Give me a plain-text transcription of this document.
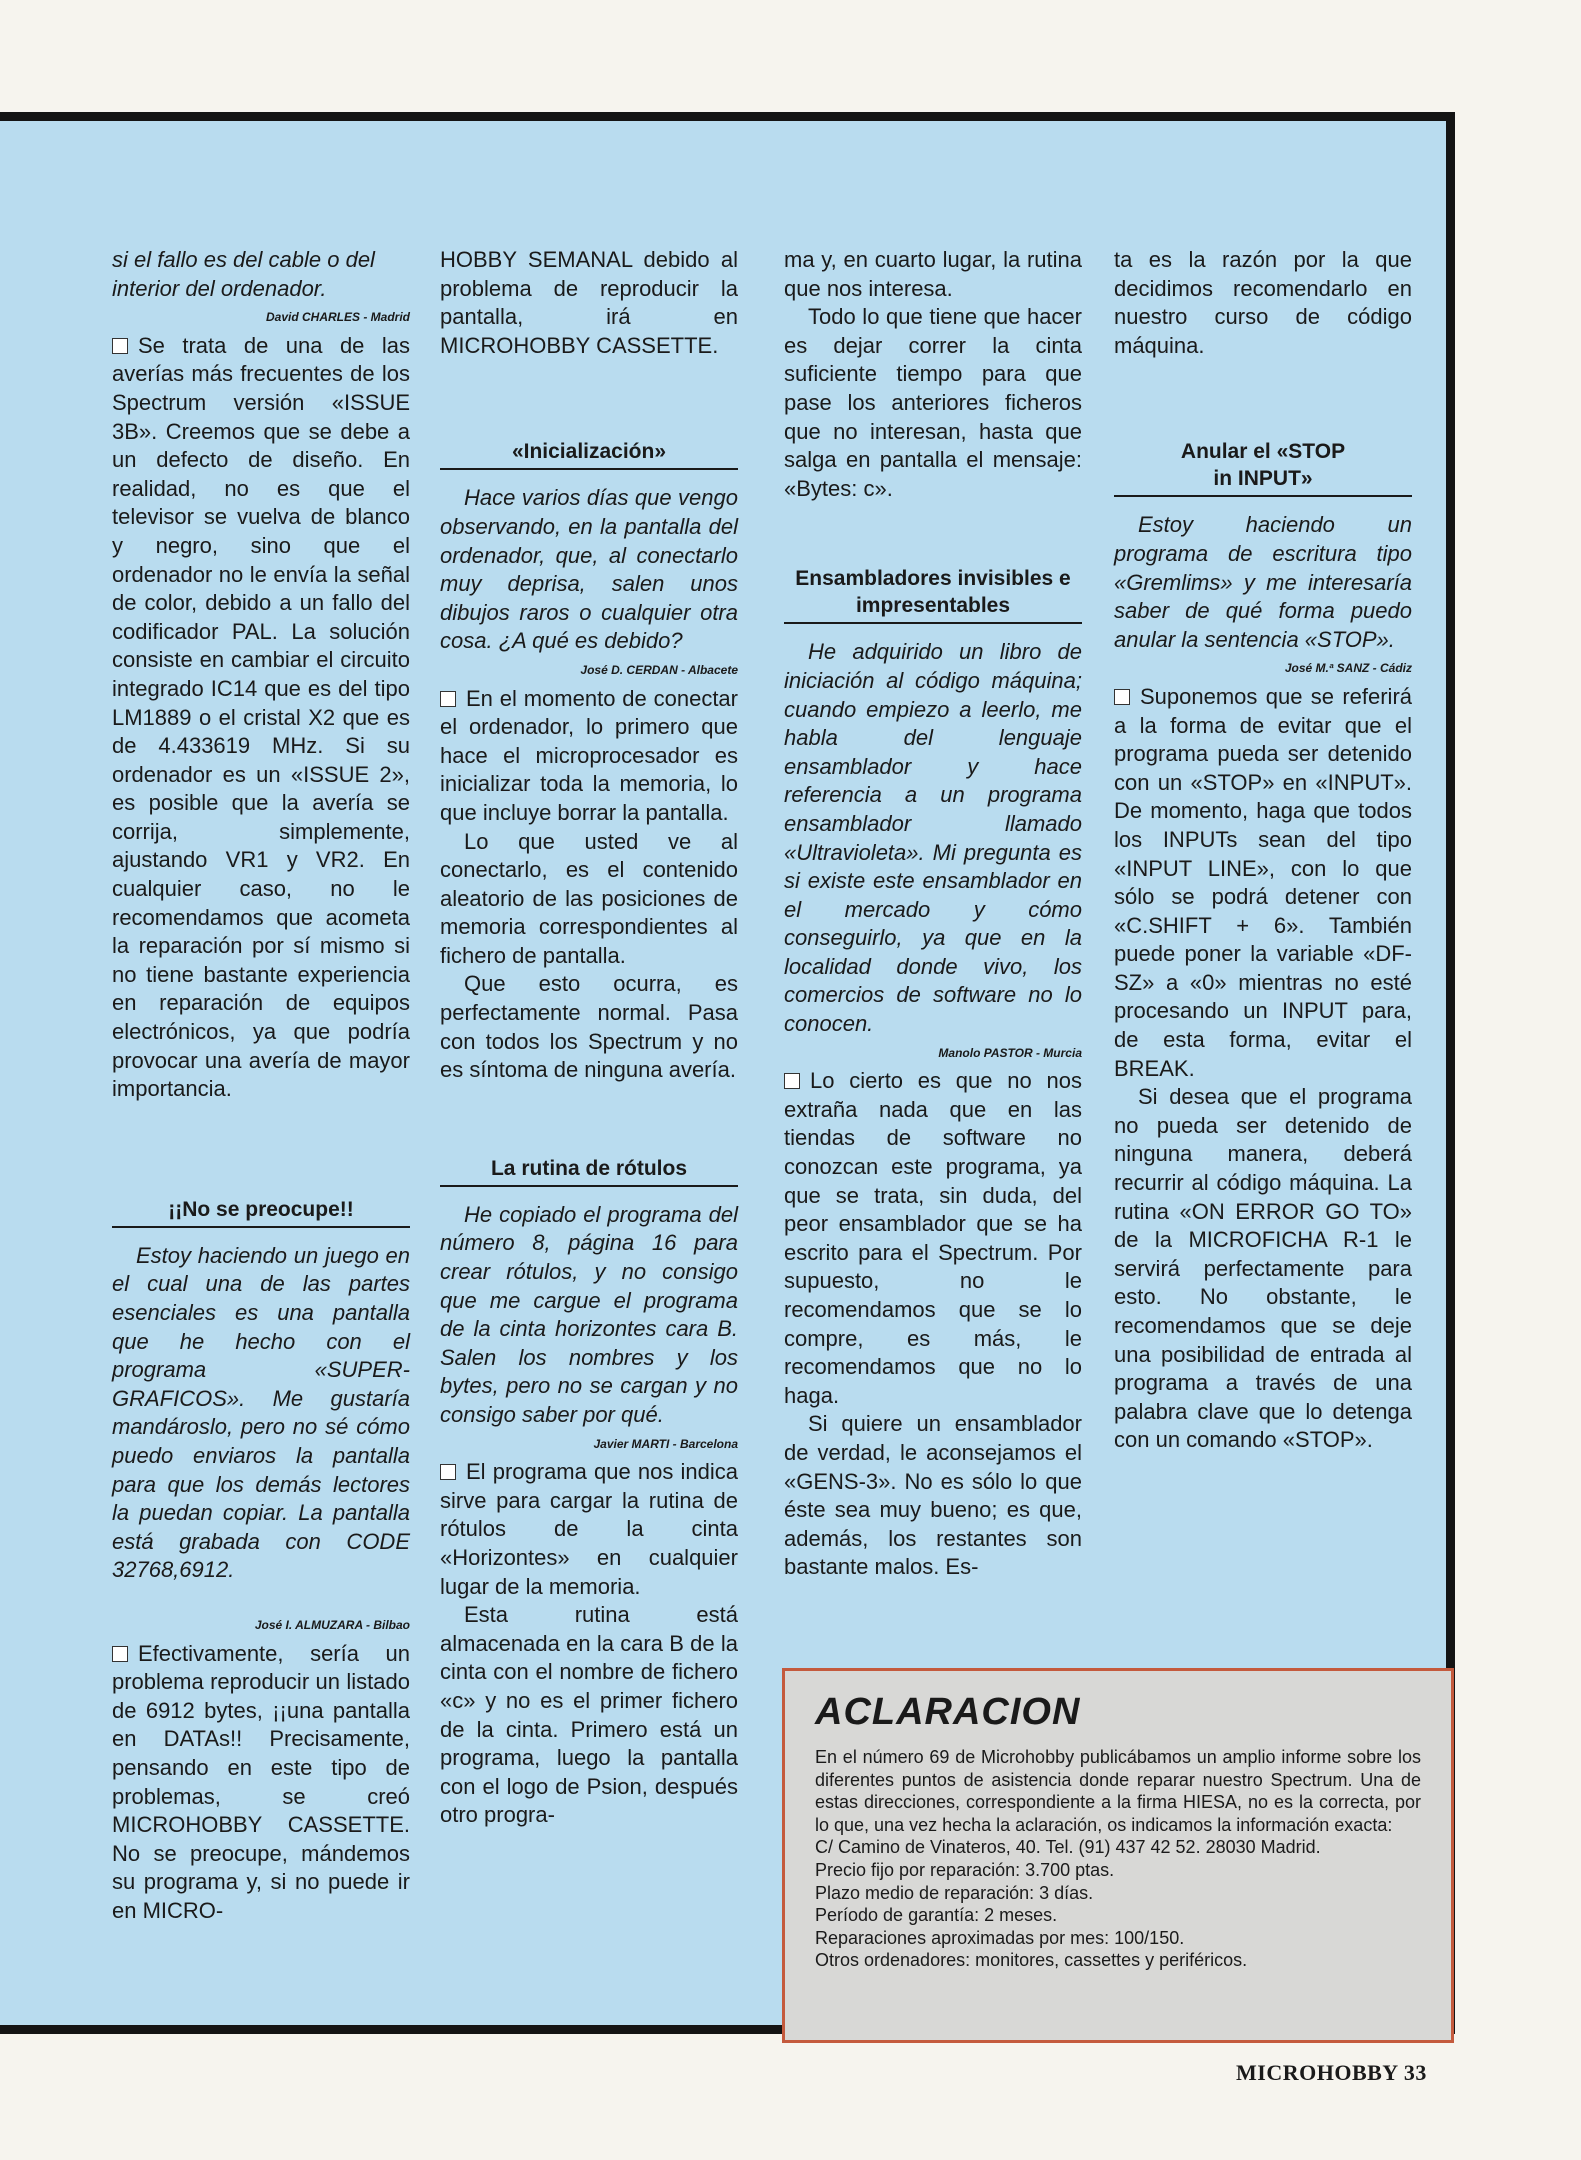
si el fallo es del cable o del interior del ordenador.

David CHARLES - Madrid

Se trata de una de las averías más frecuentes de los Spectrum versión «ISSUE 3B». Creemos que se debe a un defecto de diseño. En realidad, no es que el televisor se vuelva de blanco y negro, sino que el ordenador no le envía la señal de color, debido a un fallo del codificador PAL. La solución consiste en cambiar el circuito integrado IC14 que es del tipo LM1889 o el cristal X2 que es de 4.433619 MHz. Si su ordenador es un «ISSUE 2», es posible que la avería se corrija, simplemente, ajustando VR1 y VR2. En cualquier caso, no le recomendamos que acometa la reparación por sí mismo si no tiene bastante experiencia en reparación de equipos electrónicos, ya que podría provocar una avería de mayor importancia.

¡¡No se preocupe!!

Estoy haciendo un juego en el cual una de las partes esenciales es una pantalla que he hecho con el programa «SUPER-GRAFICOS». Me gustaría mandároslo, pero no sé cómo puedo enviaros la pantalla para que los demás lectores la puedan copiar. La pantalla está grabada con CODE 32768,6912.

José I. ALMUZARA - Bilbao

Efectivamente, sería un problema reproducir un listado de 6912 bytes, ¡¡una pantalla en DATAs!! Precisamente, pensando en este tipo de problemas, se creó MICROHOBBY CASSETTE. No se preocupe, mándemos su programa y, si no puede ir en MICRO-

HOBBY SEMANAL debido al problema de reproducir la pantalla, irá en MICROHOBBY CASSETTE.

«Inicialización»

Hace varios días que vengo observando, en la pantalla del ordenador, que, al conectarlo muy deprisa, salen unos dibujos raros o cualquier otra cosa. ¿A qué es debido?

José D. CERDAN - Albacete

En el momento de conectar el ordenador, lo primero que hace el microprocesador es inicializar toda la memoria, lo que incluye borrar la pantalla.

Lo que usted ve al conectarlo, es el contenido aleatorio de las posiciones de memoria correspondientes al fichero de pantalla.

Que esto ocurra, es perfectamente normal. Pasa con todos los Spectrum y no es síntoma de ninguna avería.

La rutina de rótulos

He copiado el programa del número 8, página 16 para crear rótulos, y no consigo que me cargue el programa de la cinta horizontes cara B. Salen los nombres y los bytes, pero no se cargan y no consigo saber por qué.

Javier MARTI - Barcelona

El programa que nos indica sirve para cargar la rutina de rótulos de la cinta «Horizontes» en cualquier lugar de la memoria.

Esta rutina está almacenada en la cara B de la cinta con el nombre de fichero «c» y no es el primer fichero de la cinta. Primero está un programa, luego la pantalla con el logo de Psion, después otro progra-

ma y, en cuarto lugar, la rutina que nos interesa.

Todo lo que tiene que hacer es dejar correr la cinta suficiente tiempo para que pase los anteriores ficheros que no interesan, hasta que salga en pantalla el mensaje: «Bytes: c».

Ensambladores invisibles e impresentables

He adquirido un libro de iniciación al código máquina; cuando empiezo a leerlo, me habla del lenguaje ensamblador y hace referencia a un programa ensamblador llamado «Ultravioleta». Mi pregunta es si existe este ensamblador en el mercado y cómo conseguirlo, ya que en la localidad donde vivo, los comercios de software no lo conocen.

Manolo PASTOR - Murcia

Lo cierto es que no nos extraña nada que en las tiendas de software no conozcan este programa, ya que se trata, sin duda, del peor ensamblador que se ha escrito para el Spectrum. Por supuesto, no le recomendamos que se lo compre, es más, le recomendamos que no lo haga.

Si quiere un ensamblador de verdad, le aconsejamos el «GENS-3». No es sólo lo que éste sea muy bueno; es que, además, los restantes son bastante malos. Es-

ta es la razón por la que decidimos recomendarlo en nuestro curso de código máquina.

Anular el «STOP
in INPUT»

Estoy haciendo un programa de escritura tipo «Gremlims» y me interesaría saber de qué forma puedo anular la sentencia «STOP».

José M.ª SANZ - Cádiz

Suponemos que se referirá a la forma de evitar que el programa pueda ser detenido con un «STOP» en «INPUT». De momento, haga que todos los INPUTs sean del tipo «INPUT LINE», con lo que sólo se podrá detener con «C.SHIFT + 6». También puede poner la variable «DF-SZ» a «0» mientras no esté procesando un INPUT para, de esta forma, evitar el BREAK.

Si desea que el programa no pueda ser detenido de ninguna manera, deberá recurrir al código máquina. La rutina «ON ERROR GO TO» de la MICROFICHA R-1 le servirá perfectamente para esto. No obstante, le recomendamos que se deje una posibilidad de entrada al programa a través de una palabra clave que lo detenga con un comando «STOP».

ACLARACION

En el número 69 de Microhobby publicábamos un amplio informe sobre los diferentes puntos de asistencia donde reparar nuestro Spectrum. Una de estas direcciones, correspondiente a la firma HIESA, no es la correcta, por lo que, una vez hecha la aclaración, os indicamos la información exacta:

C/ Camino de Vinateros, 40. Tel. (91) 437 42 52. 28030 Madrid.

Precio fijo por reparación: 3.700 ptas.

Plazo medio de reparación: 3 días.

Período de garantía: 2 meses.

Reparaciones aproximadas por mes: 100/150.

Otros ordenadores: monitores, cassettes y periféricos.

MICROHOBBY 33
